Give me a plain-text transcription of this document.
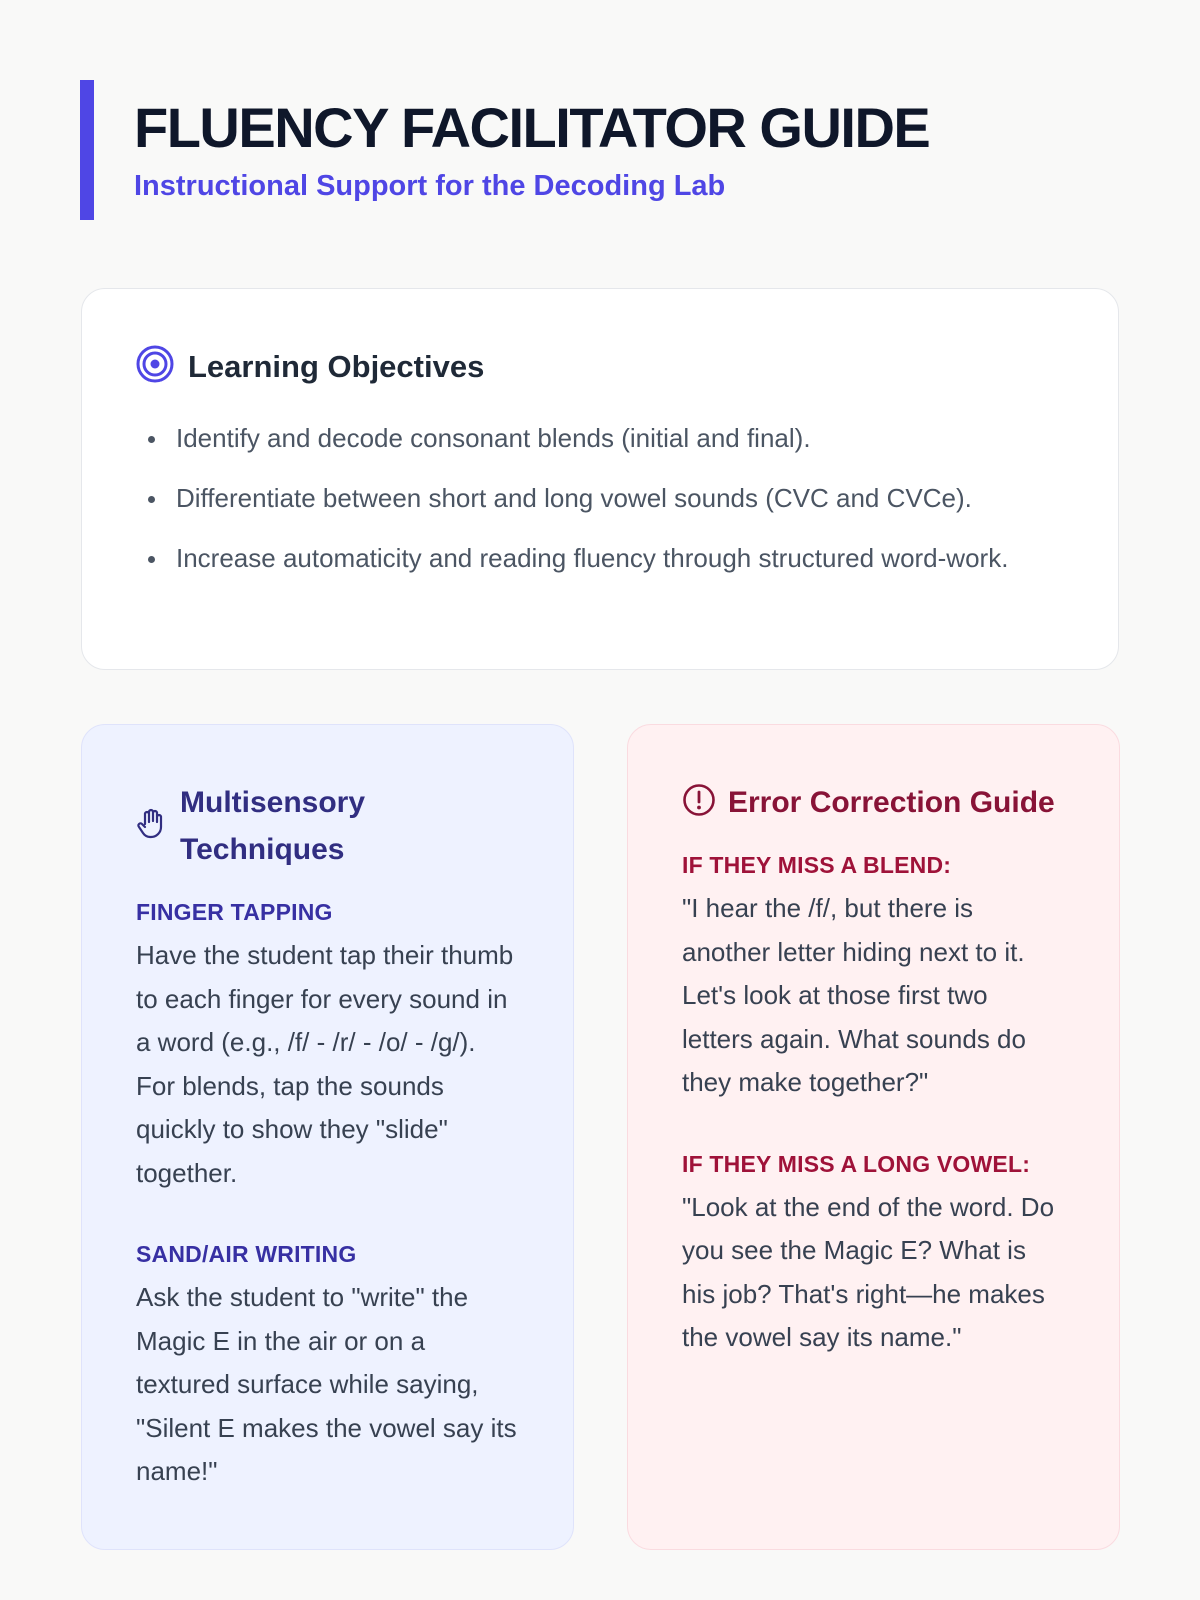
FLUENCY FACILITATOR GUIDE
Instructional Support for the Decoding Lab
Learning Objectives
Identify and decode consonant blends (initial and final).
Differentiate between short and long vowel sounds (CVC and CVCe).
Increase automaticity and reading fluency through structured word-work.
Multisensory Techniques
FINGER TAPPING

Have the student tap their thumb to each finger for every sound in a word (e.g., /f/ - /r/ - /o/ - /g/). For blends, tap the sounds quickly to show they "slide" together.

SAND/AIR WRITING

Ask the student to "write" the Magic E in the air or on a textured surface while saying, "Silent E makes the vowel say its name!"

Error Correction Guide
IF THEY MISS A BLEND:

"I hear the /f/, but there is another letter hiding next to it. Let's look at those first two letters again. What sounds do they make together?"

IF THEY MISS A LONG VOWEL:

"Look at the end of the word. Do you see the Magic E? What is his job? That's right—he makes the vowel say its name."
